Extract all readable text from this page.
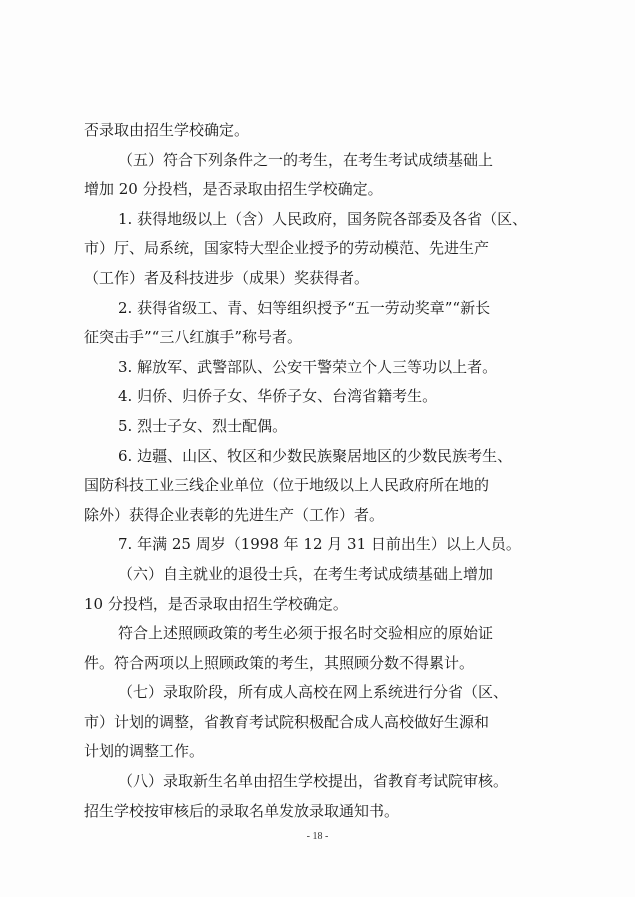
否录取由招生学校确定。
（五）符合下列条件之一的考生，在考生考试成绩基础上
增加 20 分投档，是否录取由招生学校确定。
1. 获得地级以上（含）人民政府，国务院各部委及各省（区、
市）厅、局系统，国家特大型企业授予的劳动模范、先进生产
（工作）者及科技进步（成果）奖获得者。
2. 获得省级工、青、妇等组织授予“五一劳动奖章”“新长
征突击手”“三八红旗手”称号者。
3. 解放军、武警部队、公安干警荣立个人三等功以上者。
4. 归侨、归侨子女、华侨子女、台湾省籍考生。
5. 烈士子女、烈士配偶。
6. 边疆、山区、牧区和少数民族聚居地区的少数民族考生、
国防科技工业三线企业单位（位于地级以上人民政府所在地的
除外）获得企业表彰的先进生产（工作）者。
7. 年满 25 周岁（1998 年 12 月 31 日前出生）以上人员。
（六）自主就业的退役士兵，在考生考试成绩基础上增加
10 分投档，是否录取由招生学校确定。
符合上述照顾政策的考生必须于报名时交验相应的原始证
件。符合两项以上照顾政策的考生，其照顾分数不得累计。
（七）录取阶段，所有成人高校在网上系统进行分省（区、
市）计划的调整，省教育考试院积极配合成人高校做好生源和
计划的调整工作。
（八）录取新生名单由招生学校提出，省教育考试院审核。
招生学校按审核后的录取名单发放录取通知书。
- 18 -
